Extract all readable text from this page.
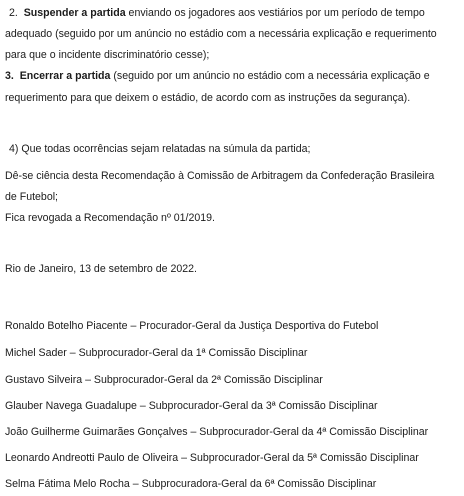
2. Suspender a partida enviando os jogadores aos vestiários por um período de tempo

adequado (seguido por um anúncio no estádio com a necessária explicação e requerimento

para que o incidente discriminatório cesse);

3. Encerrar a partida (seguido por um anúncio no estádio com a necessária explicação e

requerimento para que deixem o estádio, de acordo com as instruções da segurança).

4) Que todas ocorrências sejam relatadas na súmula da partida;

Dê-se ciência desta Recomendação à Comissão de Arbitragem da Confederação Brasileira

de Futebol;

Fica revogada a Recomendação nº 01/2019.

Rio de Janeiro, 13 de setembro de 2022.

Ronaldo Botelho Piacente – Procurador-Geral da Justiça Desportiva do Futebol

Michel Sader – Subprocurador-Geral da 1ª Comissão Disciplinar

Gustavo Silveira – Subprocurador-Geral da 2ª Comissão Disciplinar

Glauber Navega Guadalupe – Subprocurador-Geral da 3ª Comissão Disciplinar

João Guilherme Guimarães Gonçalves – Subprocurador-Geral da 4ª Comissão Disciplinar

Leonardo Andreotti Paulo de Oliveira – Subprocurador-Geral da 5ª Comissão Disciplinar

Selma Fátima Melo Rocha – Subprocuradora-Geral da 6ª Comissão Disciplinar
